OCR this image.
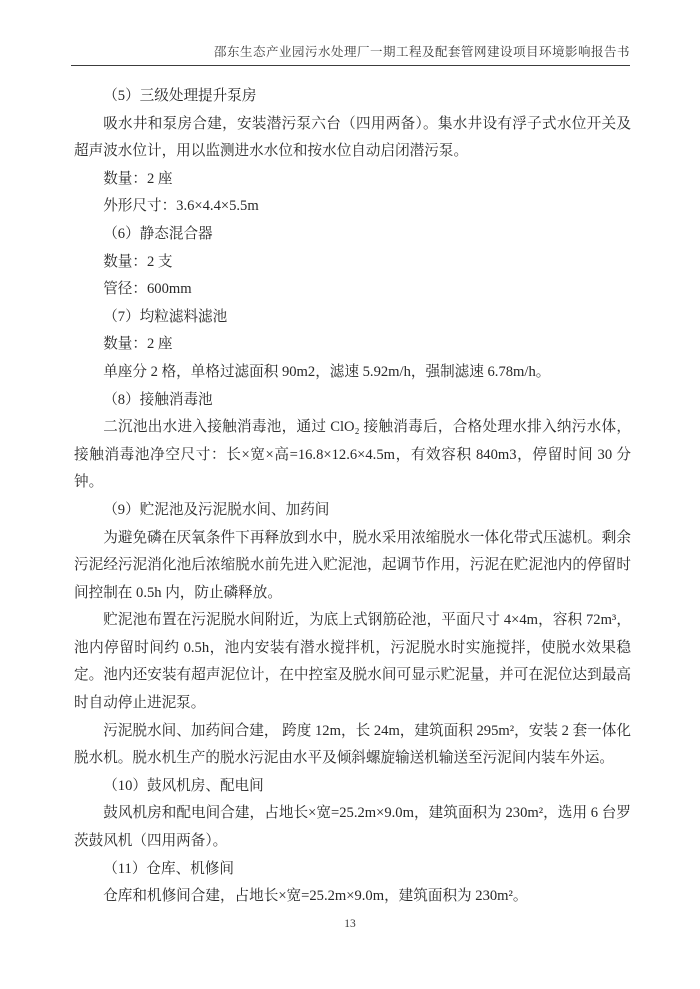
邵东生态产业园污水处理厂一期工程及配套管网建设项目环境影响报告书

（5）三级处理提升泵房

吸水井和泵房合建，安装潜污泵六台（四用两备）。集水井设有浮子式水位开关及超声波水位计，用以监测进水水位和按水位自动启闭潜污泵。

数量：2 座

外形尺寸：3.6×4.4×5.5m

（6）静态混合器

数量：2 支

管径：600mm

（7）均粒滤料滤池

数量：2 座

单座分 2 格，单格过滤面积 90m2，滤速 5.92m/h，强制滤速 6.78m/h。

（8）接触消毒池

二沉池出水进入接触消毒池，通过 ClO₂ 接触消毒后，合格处理水排入纳污水体，接触消毒池净空尺寸：长×宽×高=16.8×12.6×4.5m，有效容积 840m3，停留时间 30 分钟。

（9）贮泥池及污泥脱水间、加药间

为避免磷在厌氧条件下再释放到水中，脱水采用浓缩脱水一体化带式压滤机。剩余污泥经污泥消化池后浓缩脱水前先进入贮泥池，起调节作用，污泥在贮泥池内的停留时间控制在 0.5h 内，防止磷释放。

贮泥池布置在污泥脱水间附近，为底上式钢筋砼池，平面尺寸 4×4m，容积 72m³，池内停留时间约 0.5h，池内安装有潜水搅拌机，污泥脱水时实施搅拌，使脱水效果稳定。池内还安装有超声泥位计，在中控室及脱水间可显示贮泥量，并可在泥位达到最高时自动停止进泥泵。

污泥脱水间、加药间合建， 跨度 12m，长 24m，建筑面积 295m²，安装 2 套一体化脱水机。脱水机生产的脱水污泥由水平及倾斜螺旋输送机输送至污泥间内装车外运。

（10）鼓风机房、配电间

鼓风机房和配电间合建，占地长×宽=25.2m×9.0m，建筑面积为 230m²，选用 6 台罗茨鼓风机（四用两备）。

（11）仓库、机修间

仓库和机修间合建，占地长×宽=25.2m×9.0m，建筑面积为 230m²。

13
